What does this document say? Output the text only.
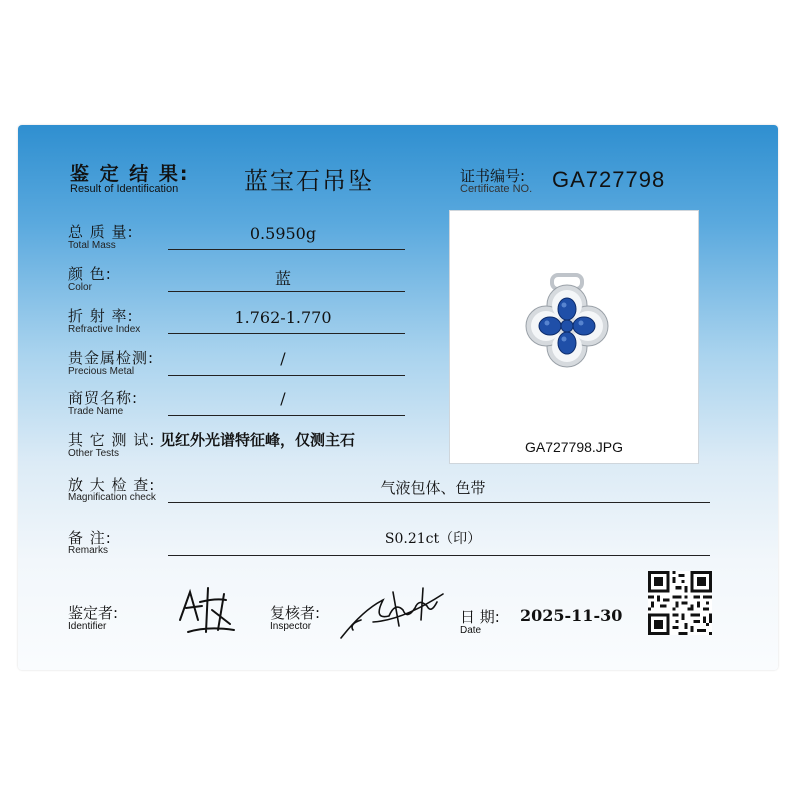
鉴 定 结 果:
Result of Identification	蓝宝石吊坠	证书编号:
Certificate NO. GA727798
总 质 量:
Total Mass
0.5950g
颜 色:
Color	蓝
折 射 率:
Refractive Index
1.762-1.770
贵金属检测:
Precious Metal
/
商贸名称:
Trade Name
/
其 它 测 试:
Other Tests
见红外光谱特征峰，仅测主石
放 大 检 查:
Magnification check
气液包体、色带
备 注:
Remarks
S0.21ct（印）
鉴定者:
Identifier
复核者:
Inspector
日 期:
Date
2025-11-30
GA727798.JPG
